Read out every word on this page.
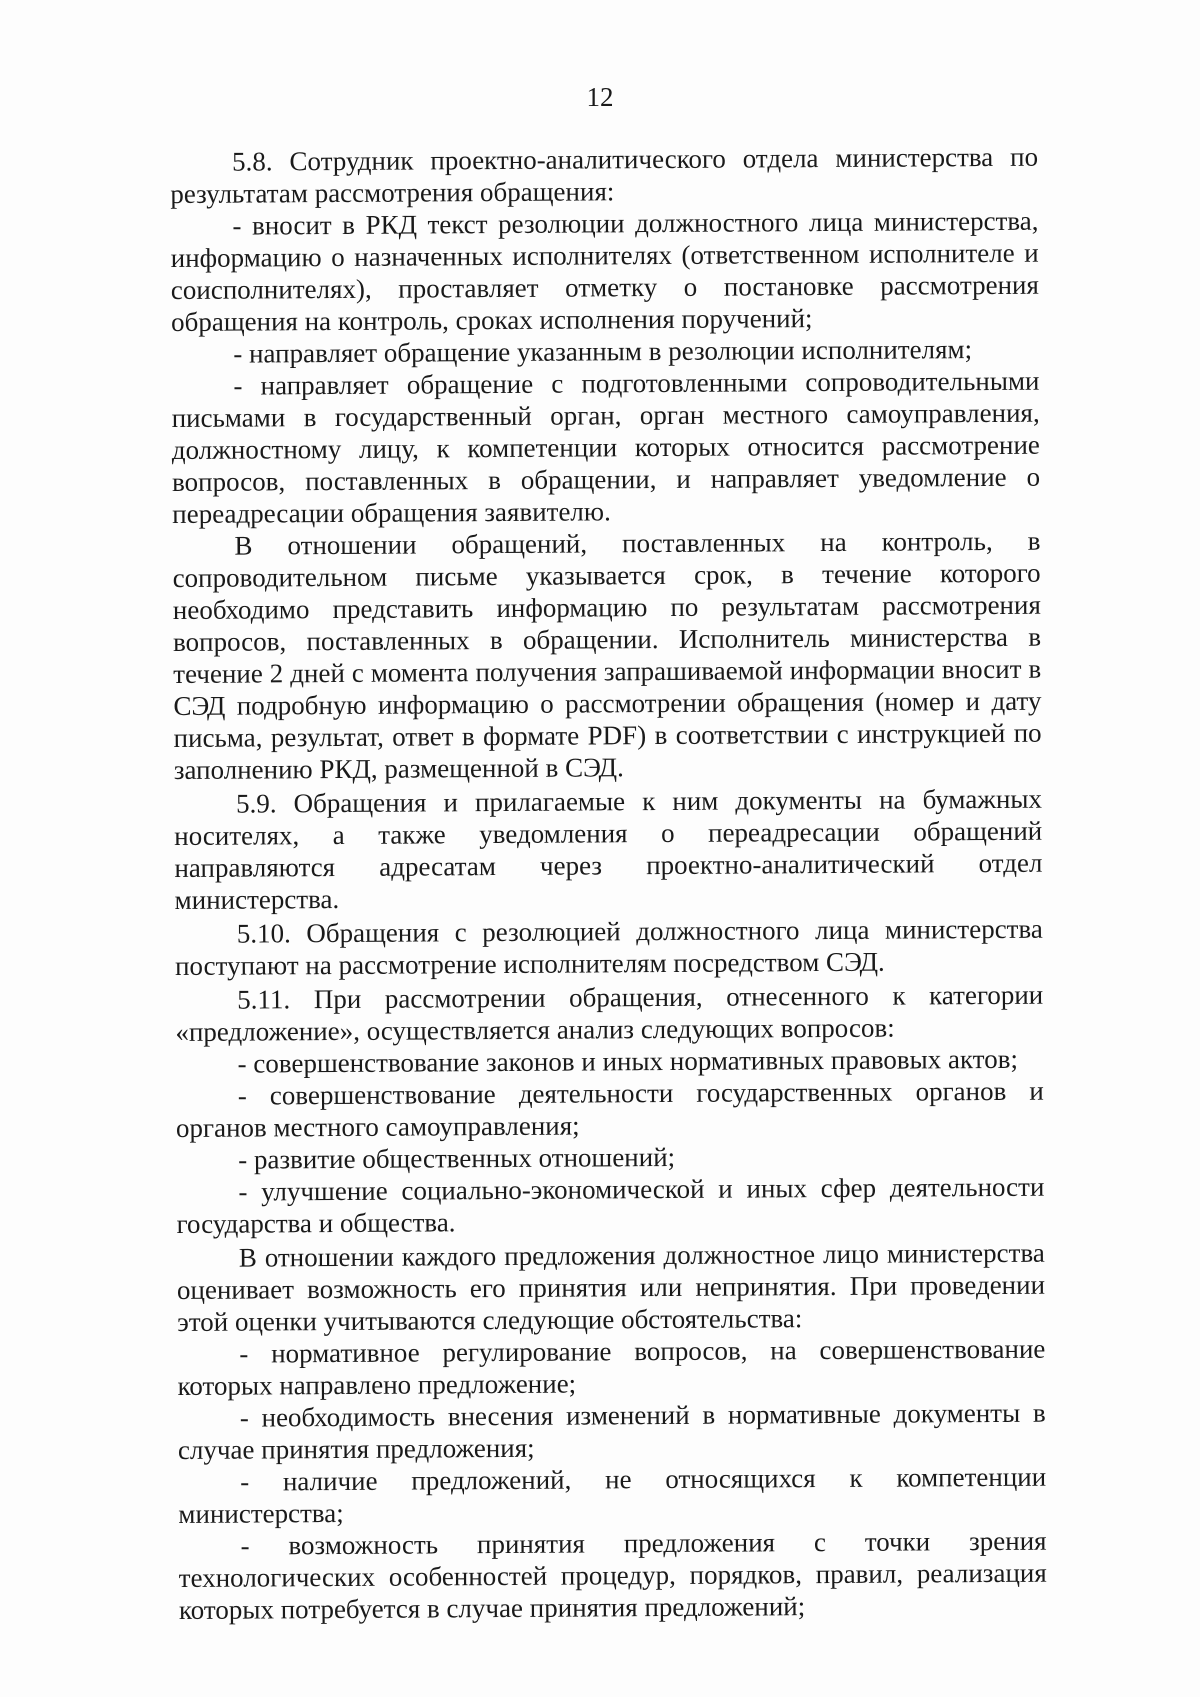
12

5.8. Сотрудник проектно-аналитического отдела министерства по результатам рассмотрения обращения:

- вносит в РКД текст резолюции должностного лица министерства, информацию о назначенных исполнителях (ответственном исполнителе и соисполнителях), проставляет отметку о постановке рассмотрения обращения на контроль, сроках исполнения поручений;

- направляет обращение указанным в резолюции исполнителям;

- направляет обращение с подготовленными сопроводительными письмами в государственный орган, орган местного самоуправления, должностному лицу, к компетенции которых относится рассмотрение вопросов, поставленных в обращении, и направляет уведомление о переадресации обращения заявителю.

В отношении обращений, поставленных на контроль, в сопроводительном письме указывается срок, в течение которого необходимо представить информацию по результатам рассмотрения вопросов, поставленных в обращении. Исполнитель министерства в течение 2 дней с момента получения запрашиваемой информации вносит в СЭД подробную информацию о рассмотрении обращения (номер и дату письма, результат, ответ в формате PDF) в соответствии с инструкцией по заполнению РКД, размещенной в СЭД.

5.9. Обращения и прилагаемые к ним документы на бумажных носителях, а также уведомления о переадресации обращений направляются адресатам через проектно-аналитический отдел министерства.

5.10. Обращения с резолюцией должностного лица министерства поступают на рассмотрение исполнителям посредством СЭД.

5.11. При рассмотрении обращения, отнесенного к категории «предложение», осуществляется анализ следующих вопросов:

- совершенствование законов и иных нормативных правовых актов;

- совершенствование деятельности государственных органов и органов местного самоуправления;

- развитие общественных отношений;

- улучшение социально-экономической и иных сфер деятельности государства и общества.

В отношении каждого предложения должностное лицо министерства оценивает возможность его принятия или непринятия. При проведении этой оценки учитываются следующие обстоятельства:

- нормативное регулирование вопросов, на совершенствование которых направлено предложение;

- необходимость внесения изменений в нормативные документы в случае принятия предложения;

- наличие предложений, не относящихся к компетенции министерства;

- возможность принятия предложения с точки зрения технологических особенностей процедур, порядков, правил, реализация которых потребуется в случае принятия предложений;
